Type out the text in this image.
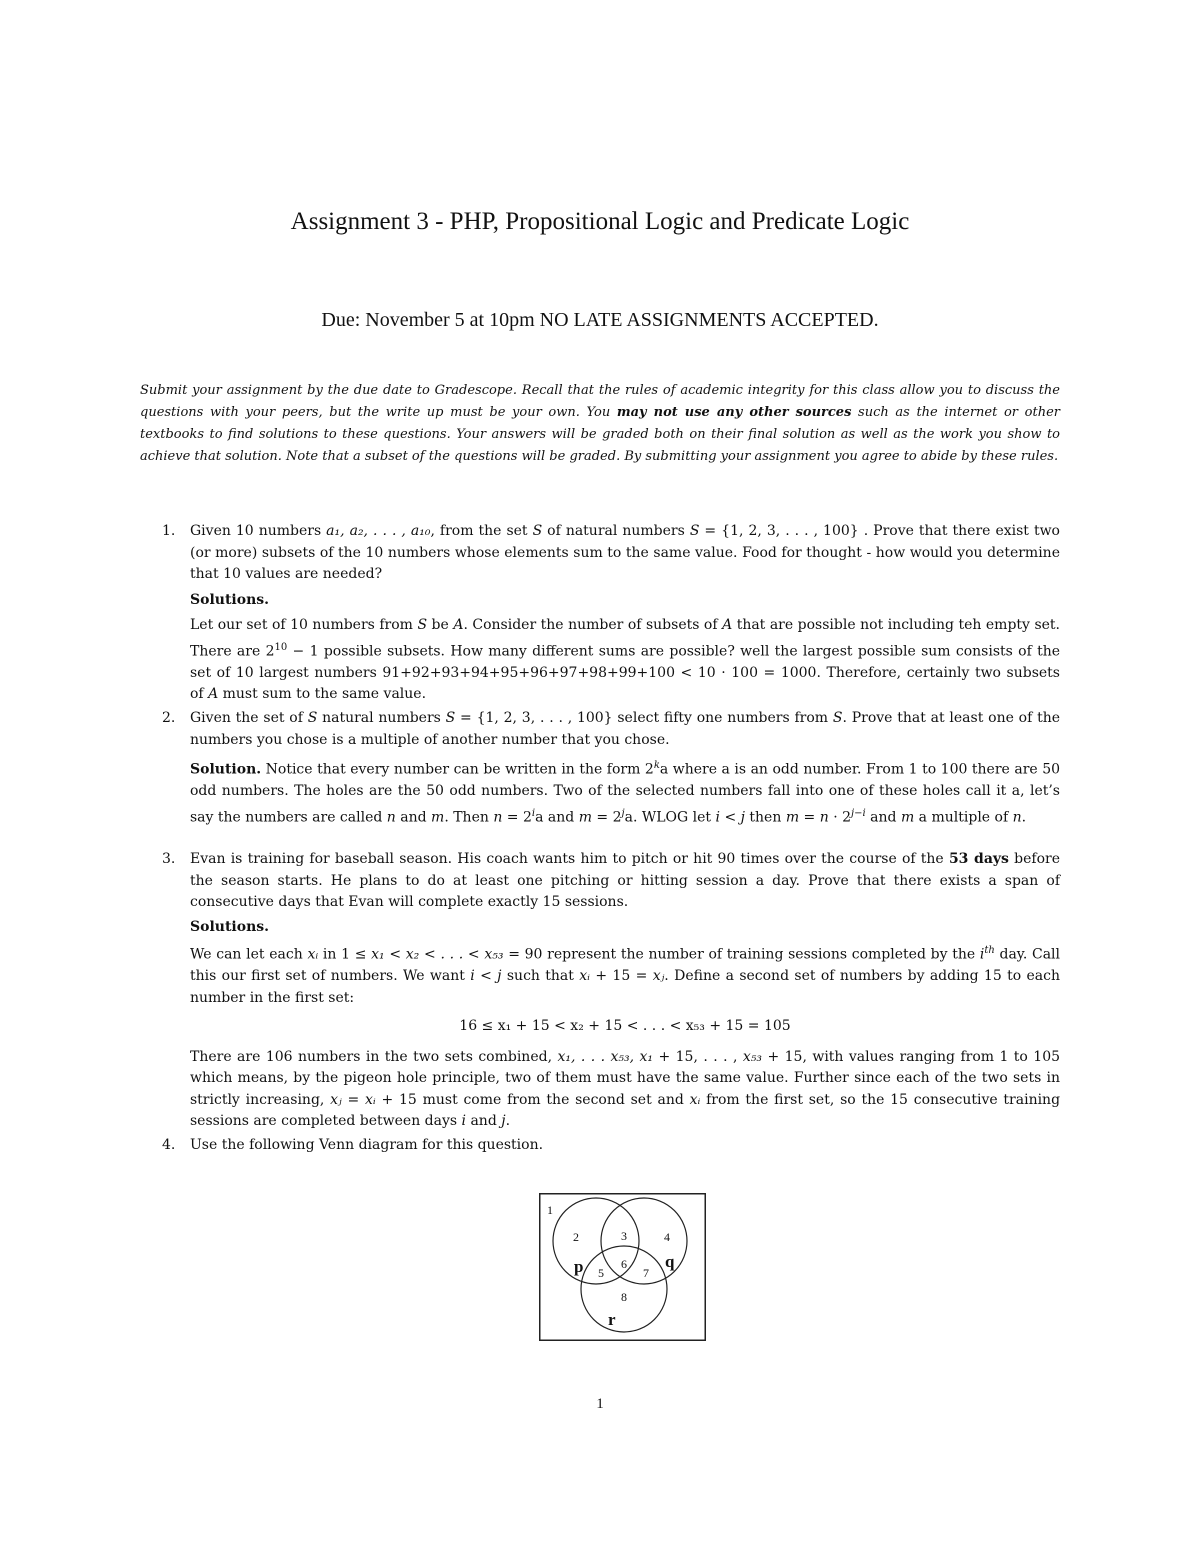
Assignment 3 - PHP, Propositional Logic and Predicate Logic
Due: November 5 at 10pm NO LATE ASSIGNMENTS ACCEPTED.
Submit your assignment by the due date to Gradescope. Recall that the rules of academic integrity for this class allow you to discuss the questions with your peers, but the write up must be your own. You may not use any other sources such as the internet or other textbooks to find solutions to these questions. Your answers will be graded both on their final solution as well as the work you show to achieve that solution. Note that a subset of the questions will be graded. By submitting your assignment you agree to abide by these rules.
1. Given 10 numbers a₁, a₂, . . . , a₁₀, from the set S of natural numbers S = {1, 2, 3, . . . , 100} . Prove that there exist two (or more) subsets of the 10 numbers whose elements sum to the same value. Food for thought - how would you determine that 10 values are needed?

Solutions.

Let our set of 10 numbers from S be A. Consider the number of subsets of A that are possible not including teh empty set. There are $2^{10} - 1$ possible subsets. How many different sums are possible? well the largest possible sum consists of the set of 10 largest numbers 91+92+93+94+95+96+97+98+99+100 < 10 · 100 = 1000. Therefore, certainly two subsets of A must sum to the same value.

2. Given the set of S natural numbers S = {1, 2, 3, . . . , 100} select fifty one numbers from S. Prove that at least one of the numbers you chose is a multiple of another number that you chose.

Solution. Notice that every number can be written in the form 2$^k$a where a is an odd number. From 1 to 100 there are 50 odd numbers. The holes are the 50 odd numbers. Two of the selected numbers fall into one of these holes call it a, let’s say the numbers are called n and m. Then $n = 2^ia$ and $m = 2^ja$. WLOG let i < j then $m = n \cdot 2^{j-i}$ and m a multiple of n.

3. Evan is training for baseball season. His coach wants him to pitch or hit 90 times over the course of the 53 days before the season starts. He plans to do at least one pitching or hitting session a day. Prove that there exists a span of consecutive days that Evan will complete exactly 15 sessions.

Solutions.

We can let each xᵢ in 1 ≤ x₁ < x₂ < . . . < x₅₃ = 90 represent the number of training sessions completed by the $i^{th}$ day. Call this our first set of numbers. We want i < j such that xᵢ + 15 = xⱼ. Define a second set of numbers by adding 15 to each number in the first set:

16 ≤ x₁ + 15 < x₂ + 15 < . . . < x₅₃ + 15 = 105

There are 106 numbers in the two sets combined, x₁, . . . x₅₃, x₁ + 15, . . . , x₅₃ + 15, with values ranging from 1 to 105 which means, by the pigeon hole principle, two of them must have the same value. Further since each of the two sets in strictly increasing, xⱼ = xᵢ + 15 must come from the second set and xᵢ from the first set, so the 15 consecutive training sessions are completed between days i and j.

4. Use the following Venn diagram for this question.

1
2	3	4
5
6
7
8
p	q
r
1
